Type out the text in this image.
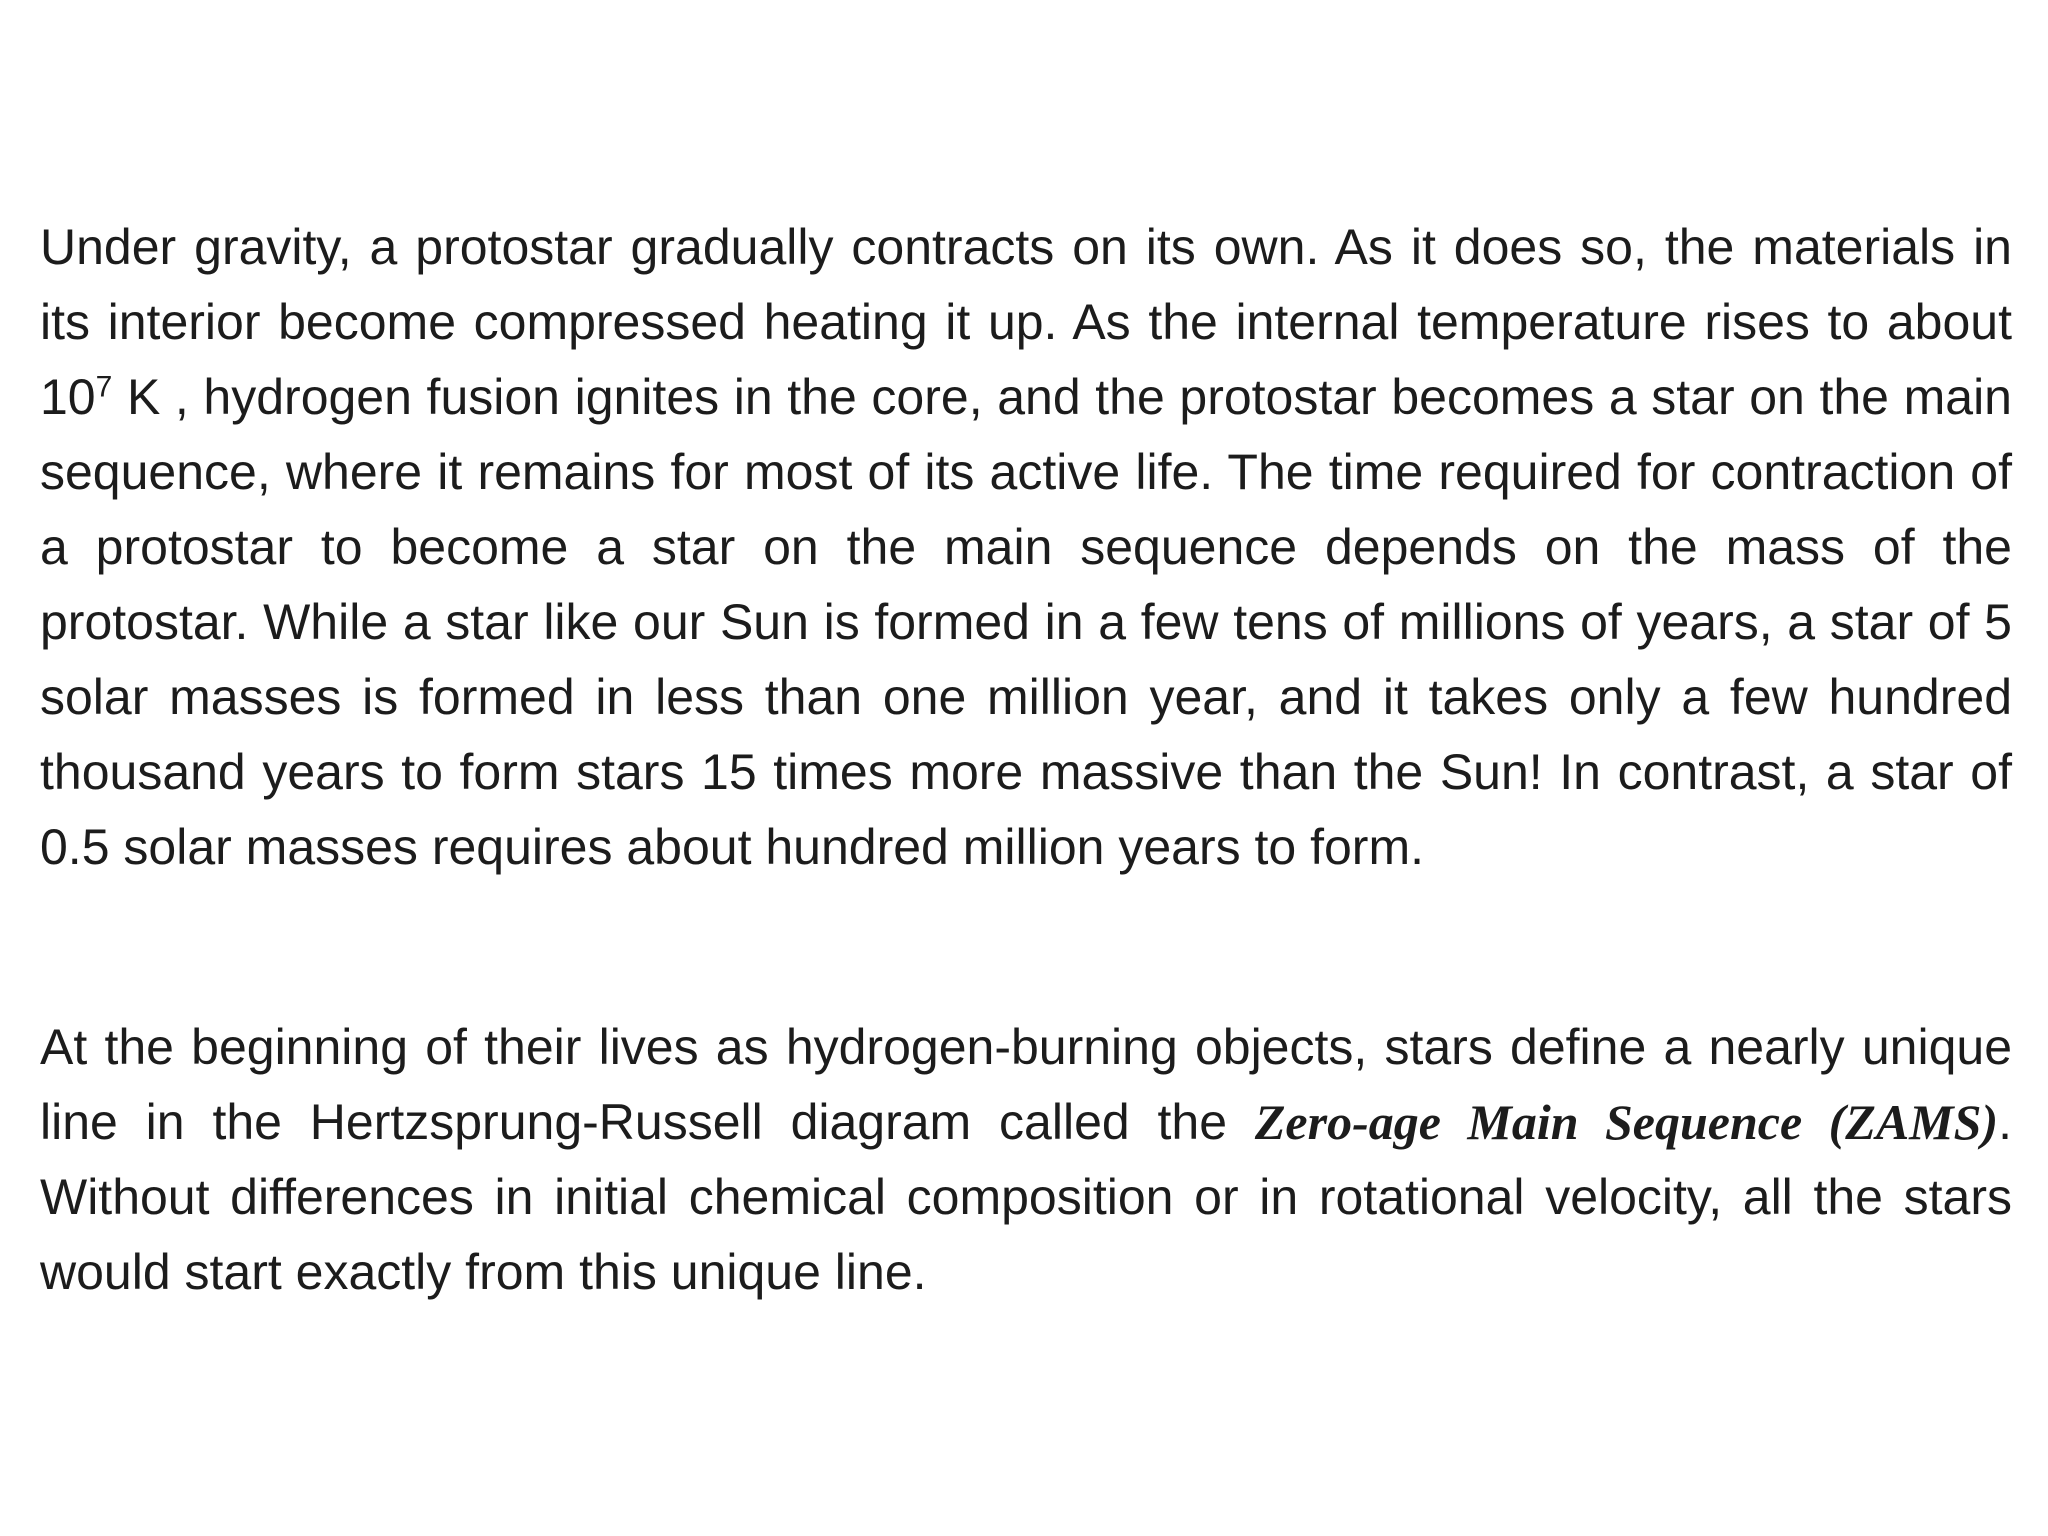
Under gravity, a protostar gradually contracts on its own. As it does so, the materials in its interior become compressed heating it up. As the internal temperature rises to about $10^7$ K , hydrogen fusion ignites in the core, and the protostar becomes a star on the main sequence, where it remains for most of its active life. The time required for contraction of a protostar to become a star on the main sequence depends on the mass of the protostar. While a star like our Sun is formed in a few tens of millions of years, a star of 5 solar masses is formed in less than one million year, and it takes only a few hundred thousand years to form stars 15 times more massive than the Sun! In contrast, a star of 0.5 solar masses requires about hundred million years to form.

At the beginning of their lives as hydrogen-burning objects, stars define a nearly unique line in the Hertzsprung-Russell diagram called the Zero-age Main Sequence (ZAMS). Without differences in initial chemical composition or in rotational velocity, all the stars would start exactly from this unique line.
